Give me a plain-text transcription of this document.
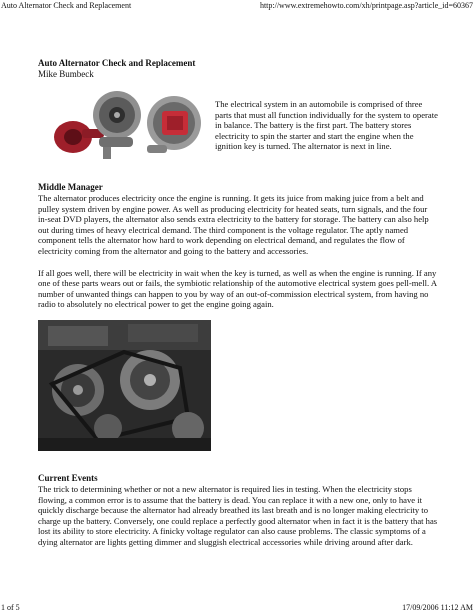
Auto Alternator Check and Replacement	http://www.extremehowto.com/xh/printpage.asp?article_id=60367
Auto Alternator Check and Replacement
Mike Bumbeck

The electrical system in an automobile is comprised of three parts that must all function individually for the system to operate in balance. The battery is the first part. The battery stores electricity to spin the starter and start the engine when the ignition key is turned. The alternator is next in line.

Middle Manager

The alternator produces electricity once the engine is running. It gets its juice from making juice from a belt and pulley system driven by engine power. As well as producing electricity for heated seats, turn signals, and the four in-seat DVD players, the alternator also sends extra electricity to the battery for storage. The battery can also help out during times of heavy electrical demand. The third component is the voltage regulator. The aptly named component tells the alternator how hard to work depending on electrical demand, and regulates the flow of electricity coming from the alternator and going to the battery and accessories.

If all goes well, there will be electricity in wait when the key is turned, as well as when the engine is running. If any one of these parts wears out or fails, the symbiotic relationship of the automotive electrical system goes pell-mell. A number of unwanted things can happen to you by way of an out-of-commission electrical system, from having no radio to absolutely no electrical power to get the engine going again.

Current Events

The trick to determining whether or not a new alternator is required lies in testing. When the electricity stops flowing, a common error is to assume that the battery is dead. You can replace it with a new one, only to have it quickly discharge because the alternator had already breathed its last breath and is no longer making electricity to charge up the battery. Conversely, one could replace a perfectly good alternator when in fact it is the battery that has lost its ability to store electricity. A finicky voltage regulator can also cause problems. The classic symptoms of a dying alternator are lights getting dimmer and sluggish electrical accessories while driving around after dark.

1 of 5	17/09/2006 11:12 AM
